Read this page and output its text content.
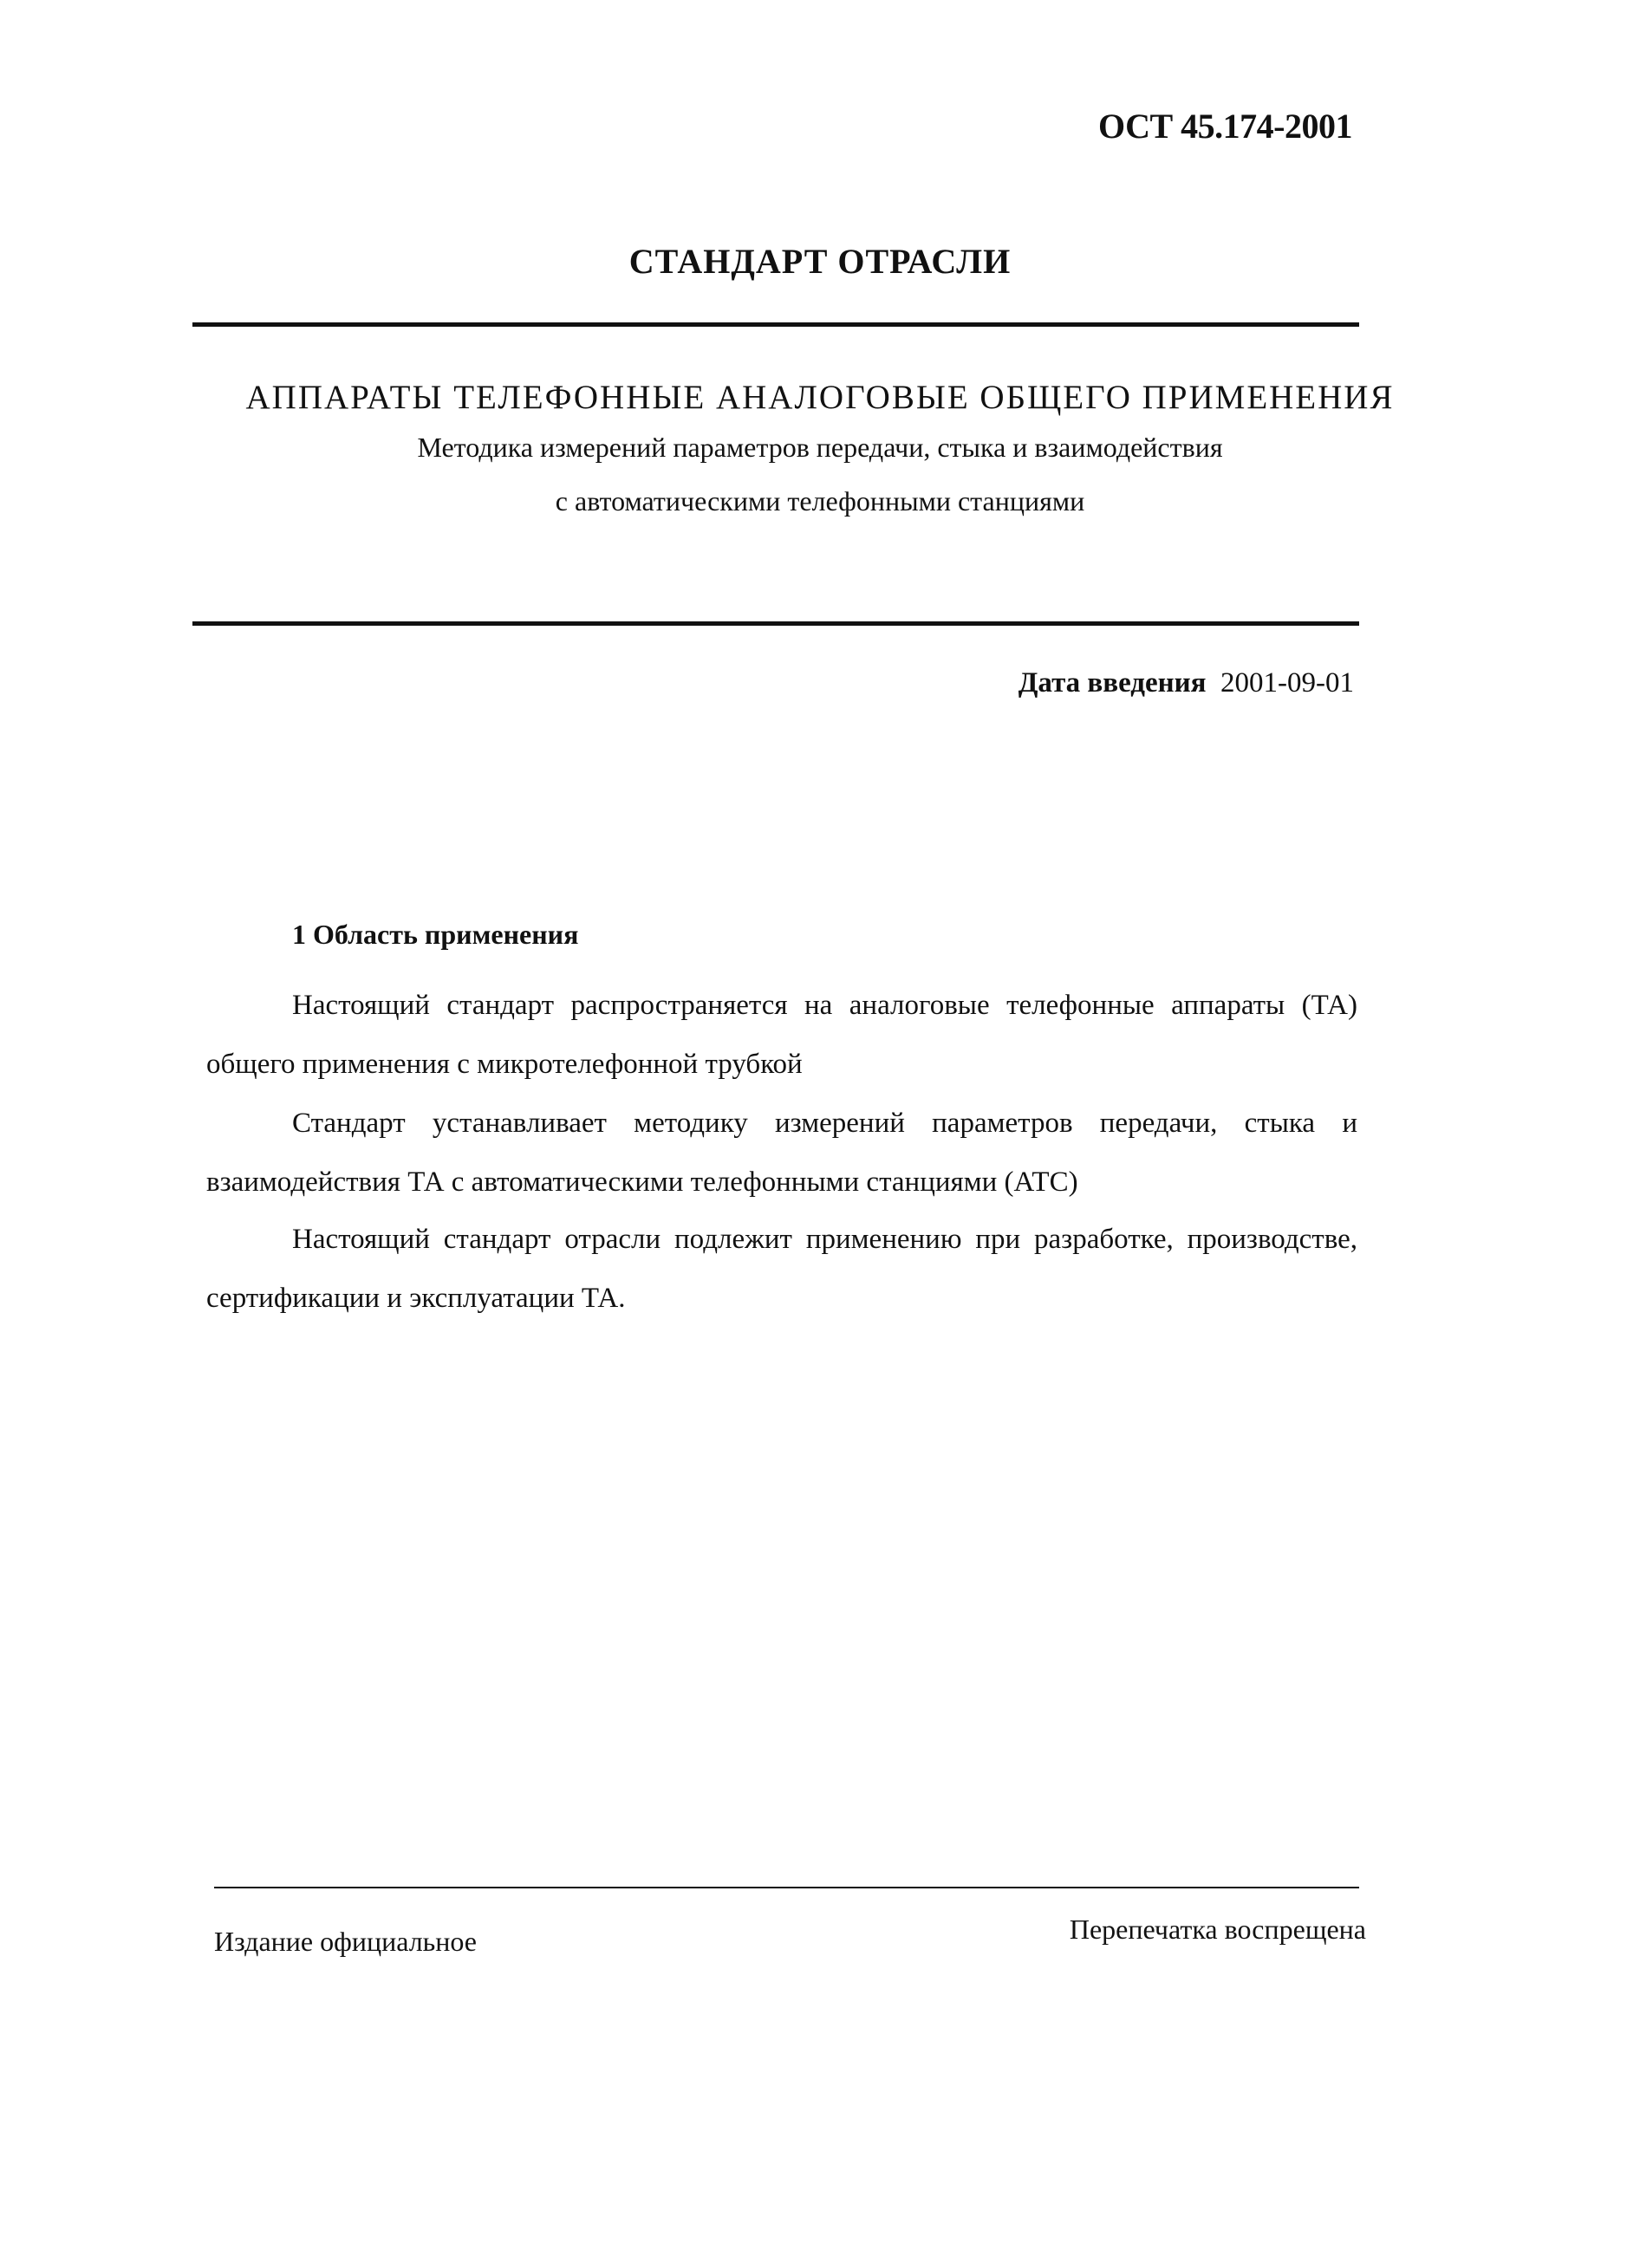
ОСТ 45.174-2001
СТАНДАРТ ОТРАСЛИ
АППАРАТЫ ТЕЛЕФОННЫЕ АНАЛОГОВЫЕ ОБЩЕГО ПРИМЕНЕНИЯ
Методика измерений параметров передачи, стыка и взаимодействия
с автоматическими телефонными станциями
Дата введения 2001-09-01
1 Область применения

Настоящий стандарт распространяется на аналоговые телефонные аппараты (ТА) общего применения с микротелефонной трубкой

Стандарт устанавливает методику измерений параметров передачи, стыка и взаимодействия ТА с автоматическими телефонными станциями (АТС)

Настоящий стандарт отрасли подлежит применению при разработке, производстве, сертификации и эксплуатации ТА.

Издание официальное	Перепечатка воспрещена
